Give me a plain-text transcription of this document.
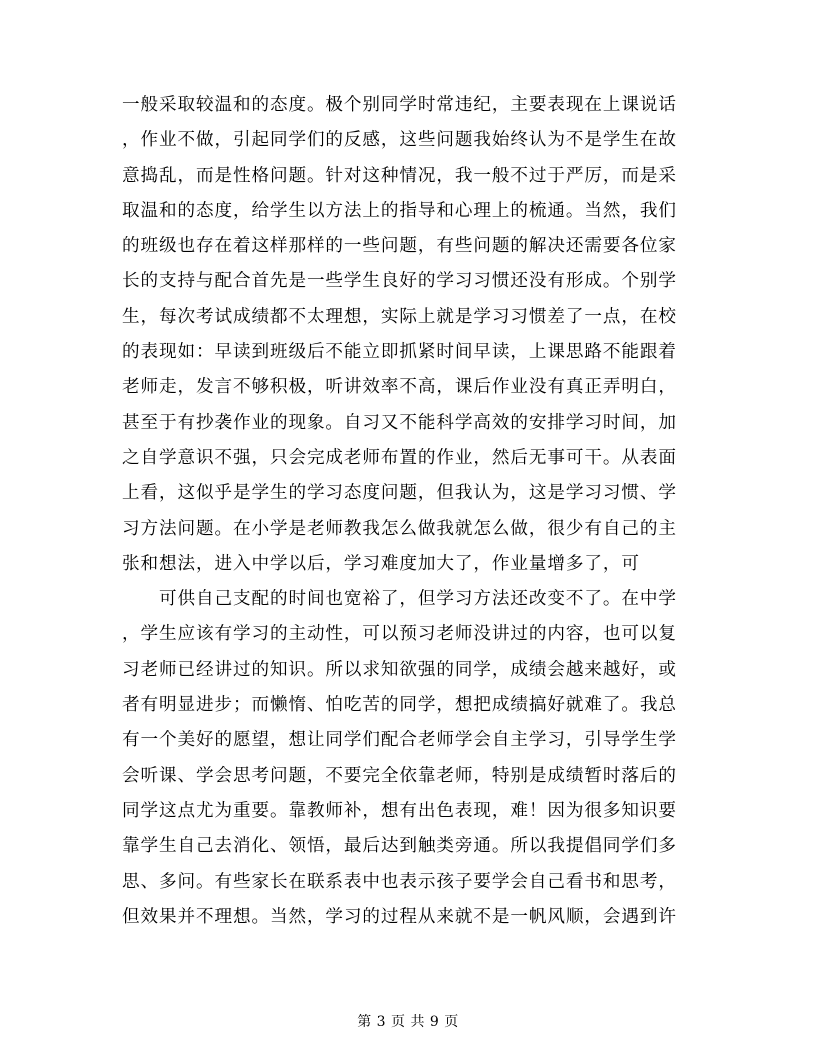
一般采取较温和的态度。极个别同学时常违纪，主要表现在上课说话
，作业不做，引起同学们的反感，这些问题我始终认为不是学生在故
意捣乱，而是性格问题。针对这种情况，我一般不过于严厉，而是采
取温和的态度，给学生以方法上的指导和心理上的梳通。当然，我们
的班级也存在着这样那样的一些问题，有些问题的解决还需要各位家
长的支持与配合首先是一些学生良好的学习习惯还没有形成。个别学
生，每次考试成绩都不太理想，实际上就是学习习惯差了一点，在校
的表现如：早读到班级后不能立即抓紧时间早读，上课思路不能跟着
老师走，发言不够积极，听讲效率不高，课后作业没有真正弄明白，
甚至于有抄袭作业的现象。自习又不能科学高效的安排学习时间，加
之自学意识不强，只会完成老师布置的作业，然后无事可干。从表面
上看，这似乎是学生的学习态度问题，但我认为，这是学习习惯、学
习方法问题。在小学是老师教我怎么做我就怎么做，很少有自己的主
张和想法，进入中学以后，学习难度加大了，作业量增多了，可
　　可供自己支配的时间也宽裕了，但学习方法还改变不了。在中学
，学生应该有学习的主动性，可以预习老师没讲过的内容，也可以复
习老师已经讲过的知识。所以求知欲强的同学，成绩会越来越好，或
者有明显进步；而懒惰、怕吃苦的同学，想把成绩搞好就难了。我总
有一个美好的愿望，想让同学们配合老师学会自主学习，引导学生学
会听课、学会思考问题，不要完全依靠老师，特别是成绩暂时落后的
同学这点尤为重要。靠教师补，想有出色表现，难！因为很多知识要
靠学生自己去消化、领悟，最后达到触类旁通。所以我提倡同学们多
思、多问。有些家长在联系表中也表示孩子要学会自己看书和思考，
但效果并不理想。当然，学习的过程从来就不是一帆风顺，会遇到许
第 3 页 共 9 页
